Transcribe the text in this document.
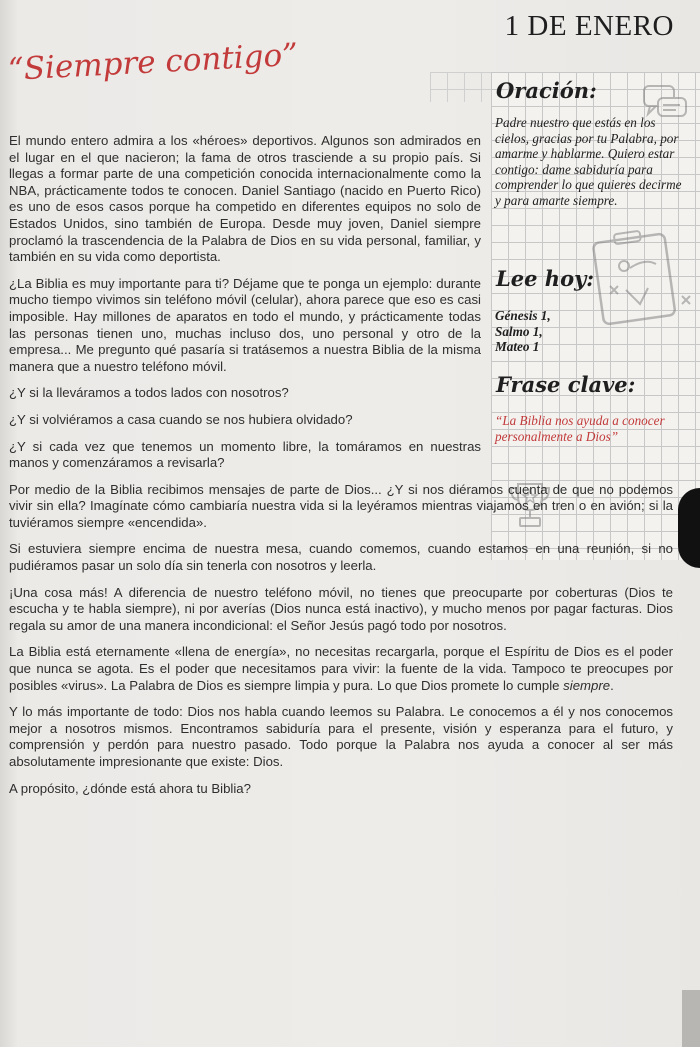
1 DE ENERO
“Siempre contigo”
Oración:
Padre nuestro que estás en los cielos, gracias por tu Palabra, por amarme y hablarme. Quiero estar contigo: dame sabiduría para comprender lo que quieres decirme y para amarte siempre.
Lee hoy:
Génesis 1,
Salmo 1,
Mateo 1
Frase clave:
“La Biblia nos ayuda a conocer personalmente a Dios”

El mundo entero admira a los «héroes» deportivos. Algunos son admirados en el lugar en el que nacieron; la fama de otros trasciende a su propio país. Si llegas a formar parte de una competición conocida internacionalmente como la NBA, prácticamente todos te conocen. Daniel Santiago (nacido en Puerto Rico) es uno de esos casos porque ha competido en diferentes equipos no solo de Estados Unidos, sino también de Europa. Desde muy joven, Daniel siempre proclamó la trascendencia de la Palabra de Dios en su vida personal, familiar, y también en su vida como deportista.

¿La Biblia es muy importante para ti? Déjame que te ponga un ejemplo: durante mucho tiempo vivimos sin teléfono móvil (celular), ahora parece que eso es casi imposible. Hay millones de aparatos en todo el mundo, y prácticamente todas las personas tienen uno, muchas incluso dos, uno personal y otro de la empresa... Me pregunto qué pasaría si tratásemos a nuestra Biblia de la misma manera que a nuestro teléfono móvil.

¿Y si la lleváramos a todos lados con nosotros?

¿Y si volviéramos a casa cuando se nos hubiera olvidado?

¿Y si cada vez que tenemos un momento libre, la tomáramos en nuestras manos y comenzáramos a revisarla?

Por medio de la Biblia recibimos mensajes de parte de Dios... ¿Y si nos diéramos cuenta de que no podemos vivir sin ella? Imagínate cómo cambiaría nuestra vida si la leyéramos mientras viajamos en tren o en avión; si la tuviéramos siempre «encendida».

Si estuviera siempre encima de nuestra mesa, cuando comemos, cuando estamos en una reunión, si no pudiéramos pasar un solo día sin tenerla con nosotros y leerla.

¡Una cosa más! A diferencia de nuestro teléfono móvil, no tienes que preocuparte por coberturas (Dios te escucha y te habla siempre), ni por averías (Dios nunca está inactivo), y mucho menos por pagar facturas. Dios regala su amor de una manera incondicional: el Señor Jesús pagó todo por nosotros.

La Biblia está eternamente «llena de energía», no necesitas recargarla, porque el Espíritu de Dios es el poder que nunca se agota. Es el poder que necesitamos para vivir: la fuente de la vida. Tampoco te preocupes por posibles «virus». La Palabra de Dios es siempre limpia y pura. Lo que Dios promete lo cumple siempre.

Y lo más importante de todo: Dios nos habla cuando leemos su Palabra. Le conocemos a él y nos conocemos mejor a nosotros mismos. Encontramos sabiduría para el presente, visión y esperanza para el futuro, y comprensión y perdón para nuestro pasado. Todo porque la Palabra nos ayuda a conocer al ser más absolutamente impresionante que existe: Dios.

A propósito, ¿dónde está ahora tu Biblia?
